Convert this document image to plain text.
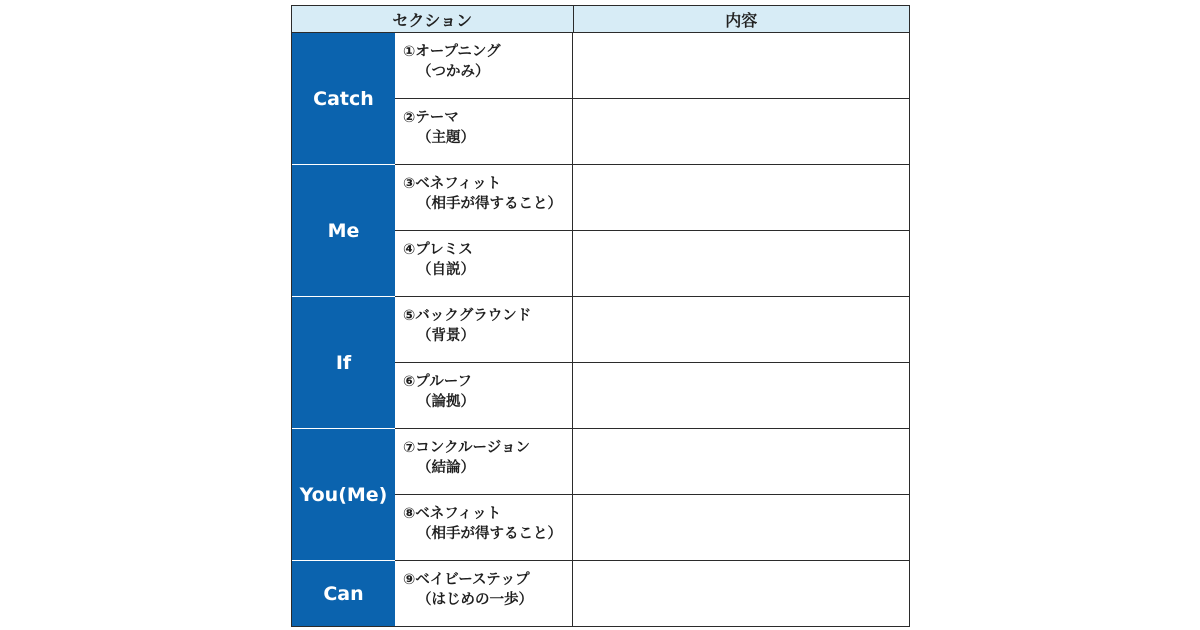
セクション	内容
Catch
①オープニング
（つかみ）
②テーマ
（主題）
Me
③ベネフィット
（相手が得すること）
④プレミス
（自説）
If
⑤バックグラウンド
（背景）
⑥プルーフ
（論拠）
You(Me)
⑦コンクルージョン
（結論）
⑧ベネフィット
（相手が得すること）
Can
⑨ベイビーステップ
（はじめの一歩）
